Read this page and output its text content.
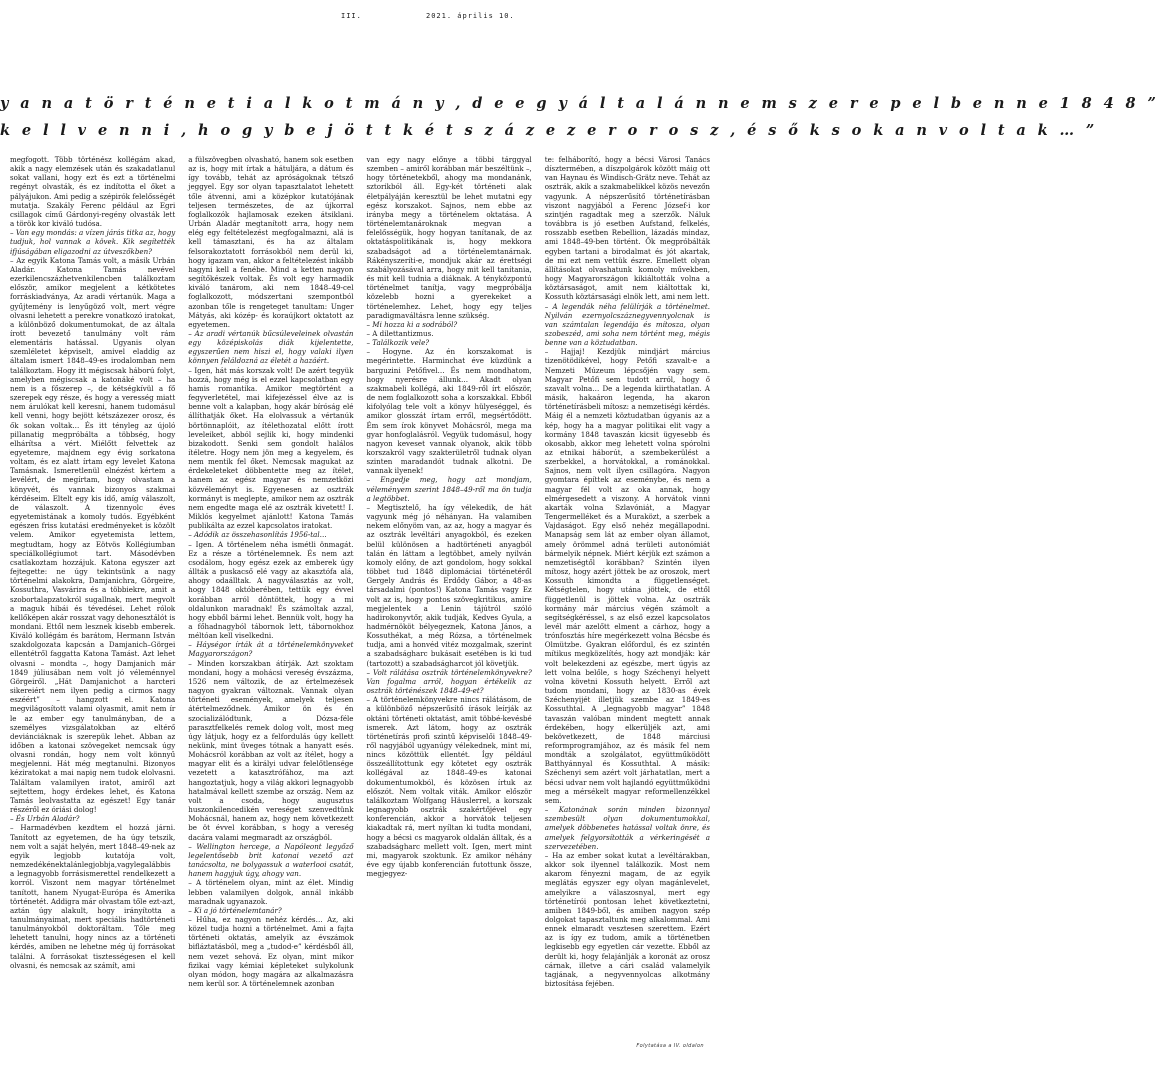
III.	2021. április 10.
y a n a t ö r t é n e t i a l k o t m á n y , d e e g y á l t a l á n n e m s z e r e p e l b e n n e 1 8 4 8 ”
k e l l v e n n i , h o g y b e j ö t t k é t s z á z e z e r o r o s z , é s ő k s o k a n v o l t a k … ”

megfogott. Több történész kollégám akad, akik a nagy elemzések után és szakadatlanul sokat vallani, hogy ezt és ezt a történelmi regényt olvasták, és ez indította el őket a pályájukon. Ami pedig a szépirók felelősségét mutatja. Szakály Ferenc például az Egri csillagok című Gárdonyi-regény olvasták lett a török kor kiváló tudósa.

– Van egy mondás: a vízen járás titka az, hogy tudjuk, hol vannak a kövek. Kik segítették ifjúságában eligazodni az útveszőkben?

– Az egyik Katona Tamás volt, a másik Urbán Aladár. Katona Tamás nevével ezerkilencszázhetvenkilencben találkoztam először, amikor megjelent a kétkötetes forráskiadványa, Az aradi vértanúk. Maga a gyűjtemény is lenyűgöző volt, mert végre olvasni lehetett a perekre vonatkozó iratokat, a különböző dokumentumokat, de az általa írott bevezető tanulmány volt rám elementáris hatással. Ugyanis olyan szemléletet képviselt, amivel eladdig az általam ismert 1848–49-es irodalomban nem találkoztam. Hogy itt mégiscsak háború folyt, amelyben mégiscsak a katonáké volt – ha nem is a főszerep –, de kétségkívül a fő szerepek egy része, és hogy a veresség miatt nem árulókat kell keresni, hanem tudomásul kell venni, hogy bejött kétszázezer orosz, és ők sokan voltak… És itt tényleg az újoló pillanatig megpróbálta a többség, hogy elhárítsa a vért. Miélőtt felvettek az egyetemre, majdnem egy évig sorkatona voltam, és ez alatt írtam egy levelet Katona Tamásnak. Ismeretlenül elnézést kértem a levélért, de megírtam, hogy olvastam a könyvét, és vannak bizonyos szakmai kérdéseim. Eltelt egy kis idő, amíg válaszolt, de válaszolt. A tizennyolc éves egyetemistának a komoly tudós. Egyébként egészen friss kutatási eredményeket is közölt velem. Amikor egyetemista lettem, megtudtam, hogy az Eötvös Kollégiumban speciálkollégiumot tart. Másodévben csatlakoztam hozzájuk. Katona egyszer azt fejtegette: ne úgy tekintsünk a nagy történelmi alakokra, Damjanichra, Görgeire, Kossuthra, Vasvárira és a többiekre, amit a szobortalapzatokról sugallnak, mert megvolt a maguk hibái és tévedései. Lehet rólok kellőképen akár rosszat vagy dehonesztálót is mondani. Ettől nem lesznek kisebb emberek. Kiváló kollégám és barátom, Hermann István szakdolgozata kapcsán a Damjanich–Görgei ellentétről faggatta Katona Tamást. Azt lehet olvasni – mondta –, hogy Damjanich már 1849 júliusában nem volt jó véleménnyel Görgeiről. „Hát Damjanichot a harcteri sikereiért nem ilyen pedig a cirmos nagy eszéért” – hangzott el. Katona megvilágosított valami olyasmit, amit nem ír le az ember egy tanulmányban, de a személyes vizsgálatokban az eltérő deviánciáknak is szerepük lehet. Abban az időben a katonai szövegeket nemcsak úgy olvasni rondán, hogy nem volt könnyű megjelenni. Hát még megtanulni. Bizonyos kéziratokat a mai napig nem tudok elolvasni. Találtam valamilyen iratot, amiről azt sejtettem, hogy érdekes lehet, és Katona Tamás leolvastatta az egészet! Egy tanár részéről ez óriási dolog!

– És Urbán Aladár?

– Harmadévben kezdtem el hozzá járni. Tanított az egyetemen, de ha úgy tetszik, nem volt a saját helyén, mert 1848–49-nek az egyik legjobb kutatója volt, nemzedékénektalánlegjobbja,vagylegalábbis a legnagyobb forrásismerettel rendelkezett a korról. Viszont nem magyar történelmet tanított, hanem Nyugat-Európa és Amerika történetét. Addigra már olvastam tőle ezt-azt, aztán úgy alakult, hogy irányította a tanulmányaimat, mert speciális hadtörténeti tanulmányokból doktoráltam. Tőle meg lehetett tanulni, hogy nincs az a történeti kérdés, amiben ne lehetne még új forrásokat találni. A forrásokat tisztességesen el kell olvasni, és nemcsak az számít, ami

a fülszövegben olvasható, hanem sok esetben az is, hogy mit írtak a hátuljára, a dátum és így tovább, tehát az apróságoknak tétsző jeggyel. Egy sor olyan tapasztalatot lehetett tőle átvenni, ami a középkor kutatójának teljesen természetes, de az újkorral foglalkozók hajlamosak ezeken átsiklani. Urbán Aladár megtanított arra, hogy nem elég egy feltételezést megfogalmazni, alá is kell támasztani, és ha az általam felsorakoztatott forrásokból nem derül ki, hogy igazam van, akkor a feltételezést inkább hagyni kell a fenébe. Mind a ketten nagyon segítőkészek voltak. És volt egy harmadik kiváló tanárom, aki nem 1848–49-cel foglalkozott, módszertani szempontból azonban tőle is rengeteget tanultam: Unger Mátyás, aki kózép- és koraújkort oktatott az egyetemen.

– Az aradi vértanúk bűcsúleveleinek olvastán egy középiskolás diák kijelentette, egyszerűen nem hiszi el, hogy valaki ilyen könnyen feláldozná az életét a hazáért.

– Igen, hát más korszak volt! De azért tegyük hozzá, hogy még is el ezzel kapcsolatban egy hamis romantika. Amikor megtörtént a fegyverletétel, mai kifejezéssel élve az is benne volt a kalapban, hogy akár bíróság elé állíthatják őket. Ha elolvassuk a vértanúk börtönnaplóit, az ítélethozatal előtt írott leveleiket, abból sejlik ki, hogy mindenki bizakodott. Senki sem gondolt halálos ítéletre. Hogy nem jön meg a kegyelem, és nem mentik fel őket. Nemcsak magukat az érdekeleteket döbbentette meg az ítélet, hanem az egész magyar és nemzetközi közvéleményt is. Egyenesen az osztrák kormányt is meglepte, amikor nem az osztrák nem engedte maga elé az osztrák kivetett! I. Miklós kegyelmet ajánlott! Katona Tamás publikálta az ezzel kapcsolatos iratokat.

– Adódik az összehasonlítás 1956-tal…

– Igen. A történelem néha ismétli önmagát. Ez a része a történelemnek. És nem azt csodálom, hogy egész ezek az emberek úgy állták a puskacső elé vagy az akasztófa alá, ahogy odaálltak. A nagyválasztás az volt, hogy 1848 októberében, tettük egy évvel korábban arról döntöttek, hogy a mi oldalunkon maradnak! És számoltak azzal, hogy ebből bármi lehet. Bennük volt, hogy ha a főhadnagyból tábornok lett, tábornokhoz méltóan kell viselkedni.

– Háységor írták át a történelemkönyveket Magyarországon?

– Minden korszakban átírják. Azt szoktam mondani, hogy a mohácsi vereség évszázma, 1526 nem változik, de az értelmezések nagyon gyakran változnak. Vannak olyan történeti események, amelyek teljesen átértelmeződnek. Amikor ön és én szocializálódtunk, a Dózsa-féle parasztfelkelés remek dolog volt, most meg úgy látjuk, hogy ez a felfordulás úgy kellett nekünk, mint üveges tótnak a hanyatt esés. Mohácsról korábban az volt az ítélet, hogy a magyar elit és a királyi udvar felelőtlensége vezetett a katasztrófához, ma azt hangoztatjuk, hogy a világ akkori legnagyobb hatalmával kellett szembe az ország. Nem az volt a csoda, hogy augusztus huszonkilencedikén vereséget szenvedtünk Mohácsnál, hanem az, hogy nem következett be öt évvel korábban, s hogy a vereség dacára valami megmaradt az országból.

– Wellington hercege, a Napóleont legyőző legelentősebb brit katonai vezető azt tanácsolta, ne bolygassuk a waterlooi csatát, hanem hagyjuk úgy, ahogy van.

– A történelem olyan, mint az élet. Mindig lebben valamilyen dolgok, annál inkább maradnak ugyanazok.

– Ki a jó történelemtanár?

– Hűha, ez nagyon nehéz kérdés… Az, aki közel tudja hozni a történelmet. Ami a fajta történeti oktatás, amelyik az évszámok bifláztatásból, meg a „tudod-e” kérdésből áll, nem vezet sehová. Ez olyan, mint mikor fizikai vagy kémiai képleteket sulykolunk olyan módon, hogy magára az alkalmazásra nem kerül sor. A történelemnek azonban

van egy nagy előnye a többi tárggyal szemben – amiről korábban már beszéltünk –, hogy történetekből, ahogy ma mondanánk, sztorikból áll. Egy-két történeti alak életpályáján keresztül be lehet mutatni egy egész korszakot. Sajnos, nem ebbe az irányba megy a történelem oktatása. A történelemtanároknak megvan a felelősségük, hogy hogyan tanítanak, de az oktatáspolitikának is, hogy mekkora szabadságot ad a történelemtanárnak. Rákényszeríti-e, mondjuk akár az érettségi szabályozásával arra, hogy mit kell tanítania, és mit kell tudnia a diáknak. A tényközpontú történelmet tanítja, vagy megpróbálja közelebb hozni a gyerekeket a történelemhez. Lehet, hogy egy teljes paradigmaváltásra lenne szükség.

– Mi hozza ki a sodrából?

– A dilettantizmus.

– Találkozik vele?

– Hogyne. Az én korszakomat is megérintette. Harminchat éve küzdünk a barguzini Petőfivel… És nem mondhatom, hogy nyerésre állunk… Akadt olyan szakmabeli kollégá, aki 1849-ről írt először, de nem foglalkozott soha a korszakkal. Ebből kifolyólag tele volt a könyv hülyeséggel, és amikor glosszát írtam erről, megsértődött. Ém sem írok könyvet Mohácsról, mega ma gyar honfoglalásról. Vegyük tudomásul, hogy nagyon keveset vannak olyanok, akik több korszakról vagy szakterületről tudnak olyan szinten maradandót tudnak alkotni. De vannak ilyenek!

– Engedje meg, hogy azt mondjam, véleményem szerint 1848–49-ről ma ön tudja a legtöbbet.

– Megtisztelő, ha így vélekedik, de hát vagyunk még jó néhányan. Ha valamiben nekem előnyöm van, az az, hogy a magyar és az osztrák levéltári anyagokból, és ezeken belül különösen a hadtörténeti anyagból talán én láttam a legtöbbet, amely nyilván komoly előny, de azt gondolom, hogy sokkal többet tud 1848 diplomáciai történetéről Gergely András és Erdődy Gábor, a 48-as társadalmi (pontos!) Katona Tamás vagy Ez volt az is, hogy pontos szövegkritikus, amire megjelentek a Lenin tájútról szóló hadirokonyvtőr, akik tudják, Kedves Gyula, a hadmérnököt bélyegeznek, Katona János, a Kossuthékat, a még Rózsa, a történelmek tudja, ami a honvéd vitéz mozgalmak, szerint a szabadságharc bukásait esetében is ki tud (tartozott) a szabadságharcot jól követjük.

– Volt rálátása osztrák történelemkönyvekre? Van fogalma arról, hogyan értékelik az osztrák történészek 1848–49-et?

– A történelemkönyvekre nincs rálátásom, de a különböző népszerűsítő írások leírják az oktáni történeti oktatást, amit többé-kevésbé ismerek. Azt látom, hogy az osztrák történetírás profi szintű képviselői 1848–49-ről nagyjából ugyanúgy vélekednek, mint mi, nincs közöttük ellentét. Így például összeállítottunk egy kötetet egy osztrák kollégával az 1848–49-es katonai dokumentumokból, és közösen írtuk az előszót. Nem voltak viták. Amikor először találkoztam Wolfgang Häuslerrel, a korszak legnagyobb osztrák szakértőjével egy konferencián, akkor a horvátok teljesen kiakadtak rá, mert nyíltan ki tudta mondani, hogy a bécsi cs magyarok oldalán álltak, és a szabadságharc mellett volt. Igen, mert mint mi, magyarok szoktunk. Ez amikor néhány éve egy újabb konferencián futottunk össze, megjegyez-

te: felháborító, hogy a bécsi Városi Tanács dísztermében, a díszpolgárok között máig ott van Haynau és Windisch-Grätz neve. Tehát az osztrák, akik a szakmabelikkel közös nevezőn vagyunk. A népszerűsítő történetírásban viszont nagyjából a Ferenc József-i kor szintjén ragadtak meg a szerzők. Náluk továbbra is jó esetben Aufstand, felkelés, rosszabb esetben Rebellion, lázadás mindaz, ami 1848–49-ben történt. Ők megpróbálták egyben tartani a birodalmat és jót akartak, de mi ezt nem vettük észre. Emellett olyan állításokat olvashatunk komoly művekben, hogy Magyarországon kikiáltották volna a köztársaságot, amit nem kiáltottak ki, Kossuth köztársasági elnök lett, ami nem lett.

– A legendák néha felülírják a történelmet. Nyilván ezernyolcszáznegyvennyolcnak is van számtalan legendája és mítosza, olyan szobeszéd, ami soha nem történt meg, mégis benne van a köztudatban.

– Hajjaj! Kezdjük mindjárt március tizenötödikével, hogy Petőfi szavalt-e a Nemzeti Múzeum lépcsőjén vagy sem. Magyar Petőfi sem tudott arról, hogy ő szavalt volna… De a legenda kiirthatatlan. A másik, hakaáron legenda, ha akaron történetírásbeli mítosz: a nemzetiségi kérdés. Máig él a nemzeti köztudatban úgyanis az a kép, hogy ha a magyar politikai elit vagy a kormány 1848 tavaszán kicsit ügyesebb és okosabb, akkor meg lehetett volna spórolni az etnikai háborút, a szembekerülést a szerbekkel, a horvátokkal, a románokkal. Sajnos, nem volt ilyen csillagóra. Nagyon gyomtara építtek az eseménybe, és nem a magyar fél volt az oka annak, hogy elmérgesedett a viszony. A horvátok vinni akarták volna Szlavóniát, a Magyar Tengermelléket és a Muraközt, a szerbek a Vajdaságot. Egy első nehéz megállapodni. Manapság sem lát az ember olyan államot, amely örömmel adná területi autonómiát bármelyik népnek. Miért kérjük ezt számon a nemzetiségtől korábban? Szintén ilyen mítosz, hogy azért jöttek be az oroszok, mert Kossuth kimondta a függetlenséget. Kétségtelen, hogy utána jöttek, de ettől függetlenül is jöttek volna. Az osztrák kormány már március végén számolt a segítségkéréssel, s az első ezzel kapcsolatos levél már azelőtt elment a cárhoz, hogy a trónfosztás híre megérkezett volna Bécsbe és Olmützbe. Gyakran előfordul, és ez szintén mítikus megközelítés, hogy azt mondják: kár volt belekezdeni az egészbe, mert úgyis az lett volna belőle, s hogy Széchenyi helyett volna követni Kossuth helyett. Erről azt tudom mondani, hogy az 1830-as évek Széchenyijét illetjük szembe az 1849-es Kossuthtal. A „legnagyobb magyar” 1848 tavaszán valóban mindent megtett annak érdekében, hogy elkerüljék azt, ami bekövetkezett, de 1848 márciusi reformprogramjához, az és másik fel nem mondták a szolgálatot, együttműködött Batthyánnyal és Kossuthtal. A másik: Széchenyi sem azért volt járhatatlan, mert a bécsi udvar nem volt hajlandó együttműködni meg a mérsékelt magyar reformellenzékkel sem.

– Katonának során minden bizonnyal szembesült olyan dokumentumokkal, amelyek döbbenetes hatással voltak önre, és amelyek felgyorsították a vérkeringését a szervezetében.

– Ha az ember sokat kutat a levéltárakban, akkor sok ilyennel találkozik. Most nem akarom fényezni magam, de az egyik meglátás egyszer egy olyan magánlevelet, amelyikre a válaszosnyal, mert egy történetírói pontosan lehet következtetni, amiben 1849-ből, és amiben nagyon szép dolgokat tapasztaltunk meg alkalommal. Ami ennek elmaradt vesztesen szerettem. Ezért az is így ez tudom, amik a történetben legkisebb egy egyetlen cár vezette. Ebből az derült ki, hogy felajánlják a koronát az orosz cárnak, illetve a cári család valamelyik tagjának, a negyvennyolcas alkotmány biztosítása fejében.

Folytatása a IV. oldalon
